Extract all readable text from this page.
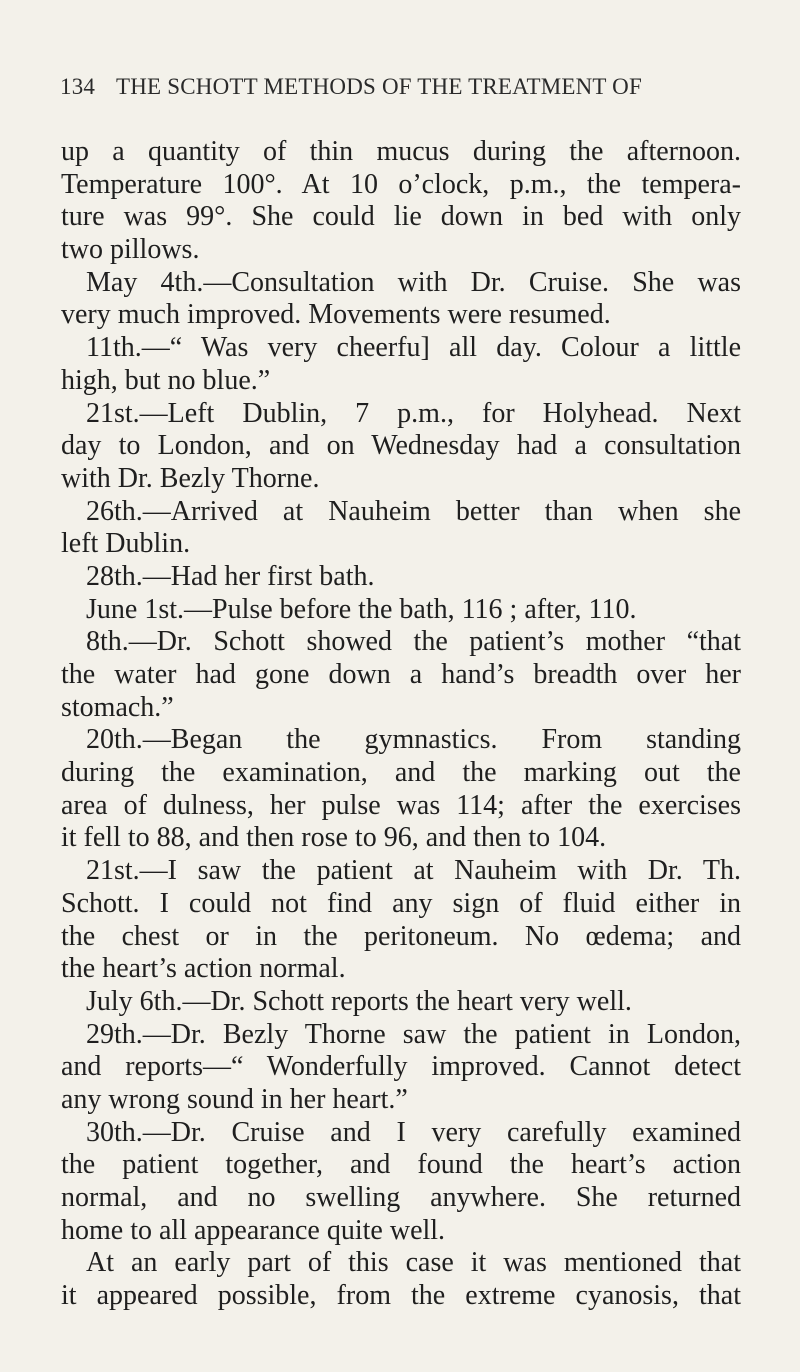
134 THE SCHOTT METHODS OF THE TREATMENT OF
up a quantity of thin mucus during the afternoon.
Temperature 100°. At 10 o’clock, p.m., the tempera-
ture was 99°. She could lie down in bed with only
two pillows.
May 4th.—Consultation with Dr. Cruise. She was
very much improved. Movements were resumed.
11th.—“ Was very cheerfu] all day. Colour a little
high, but no blue.”
21st.—Left Dublin, 7 p.m., for Holyhead. Next
day to London, and on Wednesday had a consultation
with Dr. Bezly Thorne.
26th.—Arrived at Nauheim better than when she
left Dublin.
28th.—Had her first bath.
June 1st.—Pulse before the bath, 116 ; after, 110.
8th.—Dr. Schott showed the patient’s mother “that
the water had gone down a hand’s breadth over her
stomach.”
20th.—Began the gymnastics. From standing
during the examination, and the marking out the
area of dulness, her pulse was 114; after the exercises
it fell to 88, and then rose to 96, and then to 104.
21st.—I saw the patient at Nauheim with Dr. Th.
Schott. I could not find any sign of fluid either in
the chest or in the peritoneum. No œdema; and
the heart’s action normal.
July 6th.—Dr. Schott reports the heart very well.
29th.—Dr. Bezly Thorne saw the patient in London,
and reports—“ Wonderfully improved. Cannot detect
any wrong sound in her heart.”
30th.—Dr. Cruise and I very carefully examined
the patient together, and found the heart’s action
normal, and no swelling anywhere. She returned
home to all appearance quite well.
At an early part of this case it was mentioned that
it appeared possible, from the extreme cyanosis, that
